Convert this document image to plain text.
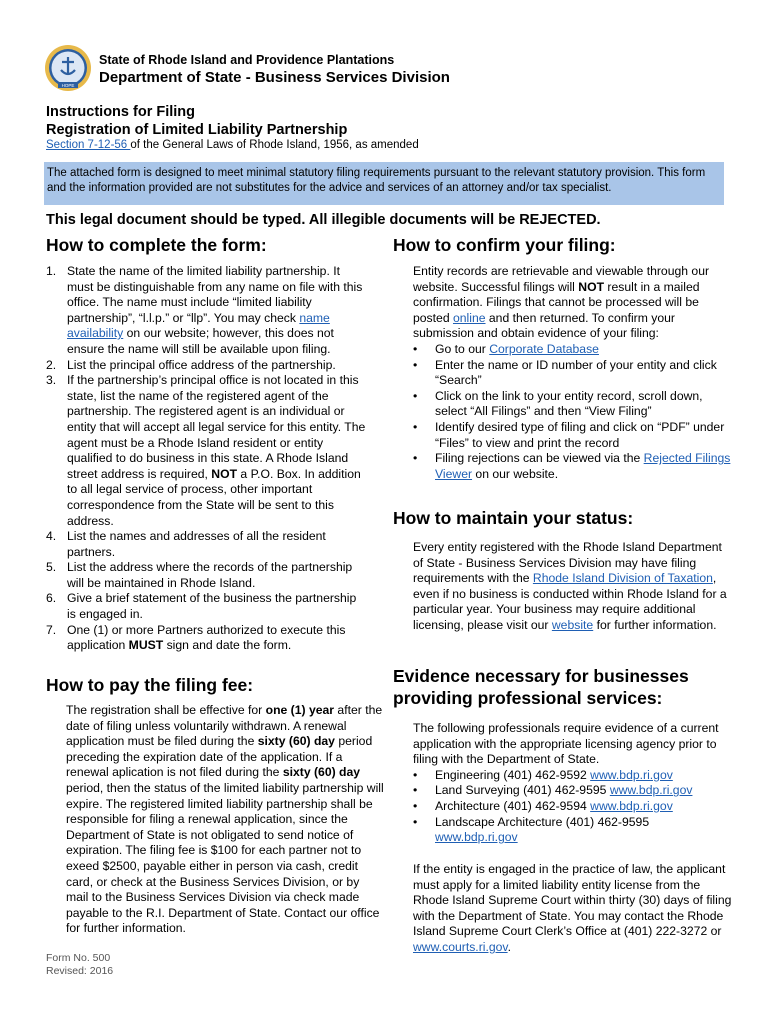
HOPE
State of Rhode Island and Providence Plantations
Department of State - Business Services Division
Instructions for Filing
Registration of Limited Liability Partnership
Section 7-12-56 of the General Laws of Rhode Island, 1956, as amended
The attached form is designed to meet minimal statutory filing requirements pursuant to the relevant statutory provision. This form and the information provided are not substitutes for the advice and services of an attorney and/or tax specialist.
This legal document should be typed. All illegible documents will be REJECTED.
How to complete the form:
1. State the name of the limited liability partnership. It must be distinguishable from any name on file with this office. The name must include “limited liability partnership”, “l.l.p.” or “llp”. You may check name availability on our website; however, this does not ensure the name will still be available upon filing.
2. List the principal office address of the partnership.
3. If the partnership’s principal office is not located in this state, list the name of the registered agent of the partnership. The registered agent is an individual or entity that will accept all legal service for this entity. The agent must be a Rhode Island resident or entity qualified to do business in this state. A Rhode Island street address is required, NOT a P.O. Box. In addition to all legal service of process, other important correspondence from the State will be sent to this address.
4. List the names and addresses of all the resident partners.
5. List the address where the records of the partnership will be maintained in Rhode Island.
6. Give a brief statement of the business the partnership is engaged in.
7. One (1) or more Partners authorized to execute this application MUST sign and date the form.
How to pay the filing fee:

The registration shall be effective for one (1) year after the date of filing unless voluntarily withdrawn. A renewal application must be filed during the sixty (60) day period preceding the expiration date of the application. If a renewal aplication is not filed during the sixty (60) day period, then the status of the limited liability partnership will expire. The registered limited liability partnership shall be responsible for filing a renewal application, since the Department of State is not obligated to send notice of expiration. The filing fee is $100 for each partner not to exeed $2500, payable either in person via cash, credit card, or check at the Business Services Division, or by mail to the Business Services Division via check made payable to the R.I. Department of State. Contact our office for further information.

Form No. 500
Revised: 2016
How to confirm your filing:

Entity records are retrievable and viewable through our website. Successful filings will NOT result in a mailed confirmation. Filings that cannot be processed will be posted online and then returned. To confirm your submission and obtain evidence of your filing:

• Go to our Corporate Database
• Enter the name or ID number of your entity and click “Search”
• Click on the link to your entity record, scroll down, select “All Filings” and then “View Filing”
• Identify desired type of filing and click on “PDF” under “Files” to view and print the record
• Filing rejections can be viewed via the Rejected Filings Viewer on our website.
How to maintain your status:

Every entity registered with the Rhode Island Department of State - Business Services Division may have filing requirements with the Rhode Island Division of Taxation, even if no business is conducted within Rhode Island for a particular year. Your business may require additional licensing, please visit our website for further information.

Evidence necessary for businesses providing professional services:

The following professionals require evidence of a current application with the appropriate licensing agency prior to filing with the Department of State.

• Engineering (401) 462-9592 www.bdp.ri.gov
• Land Surveying (401) 462-9595 www.bdp.ri.gov
• Architecture (401) 462-9594 www.bdp.ri.gov
• Landscape Architecture (401) 462-9595 www.bdp.ri.gov

If the entity is engaged in the practice of law, the applicant must apply for a limited liability entity license from the Rhode Island Supreme Court within thirty (30) days of filing with the Department of State. You may contact the Rhode Island Supreme Court Clerk’s Office at (401) 222-3272 or www.courts.ri.gov.
